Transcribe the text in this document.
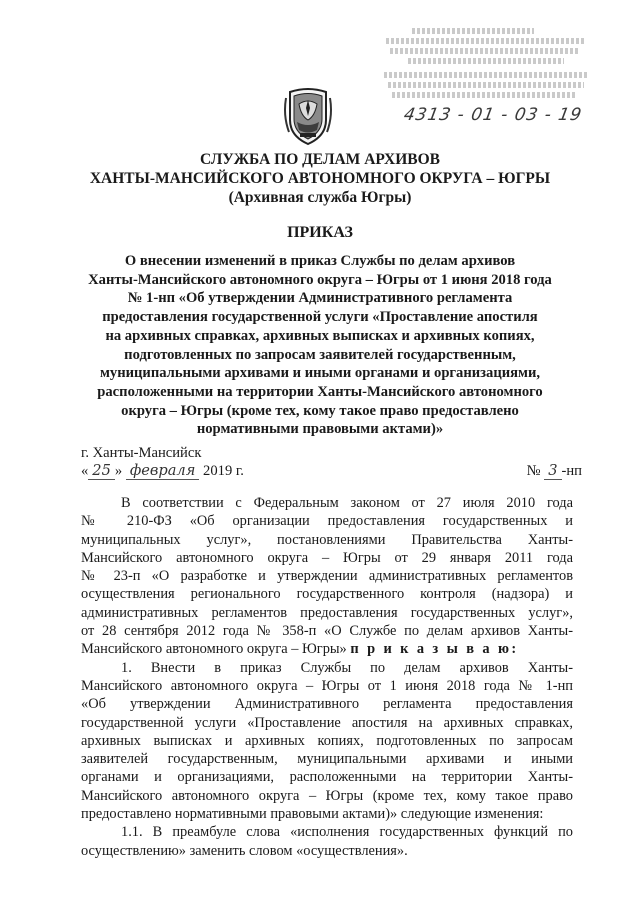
4313 - 01 - 03 - 19
СЛУЖБА ПО ДЕЛАМ АРХИВОВ
ХАНТЫ-МАНСИЙСКОГО АВТОНОМНОГО ОКРУГА – ЮГРЫ
(Архивная служба Югры)
ПРИКАЗ
О внесении изменений в приказ Службы по делам архивов
Ханты-Мансийского автономного округа – Югры от 1 июня 2018 года
№ 1-нп «Об утверждении Административного регламента
предоставления государственной услуги «Проставление апостиля
на архивных справках, архивных выписках и архивных копиях,
подготовленных по запросам заявителей государственным,
муниципальными архивами и иными органами и организациями,
расположенными на территории Ханты-Мансийского автономного
округа – Югры (кроме тех, кому такое право предоставлено
нормативными правовыми актами)»
г. Ханты-Мансийск
« 25 » февраля 2019 г.	№ 3 -нп

В соответствии с Федеральным законом от 27 июля 2010 года
№ 210-ФЗ «Об организации предоставления государственных и
муниципальных услуг», постановлениями Правительства Ханты-
Мансийского автономного округа – Югры от 29 января 2011 года
№ 23-п «О разработке и утверждении административных регламентов
осуществления регионального государственного контроля (надзора) и
административных регламентов предоставления государственных услуг»,
от 28 сентября 2012 года № 358-п «О Службе по делам архивов Ханты-
Мансийского автономного округа – Югры» п р и к а з ы в а ю:

1. Внести в приказ Службы по делам архивов Ханты-
Мансийского автономного округа – Югры от 1 июня 2018 года № 1-нп
«Об утверждении Административного регламента предоставления
государственной услуги «Проставление апостиля на архивных справках,
архивных выписках и архивных копиях, подготовленных по запросам
заявителей государственным, муниципальными архивами и иными
органами и организациями, расположенными на территории Ханты-
Мансийского автономного округа – Югры (кроме тех, кому такое право
предоставлено нормативными правовыми актами)» следующие изменения:

1.1. В преамбуле слова «исполнения государственных функций по
осуществлению» заменить словом «осуществления».
